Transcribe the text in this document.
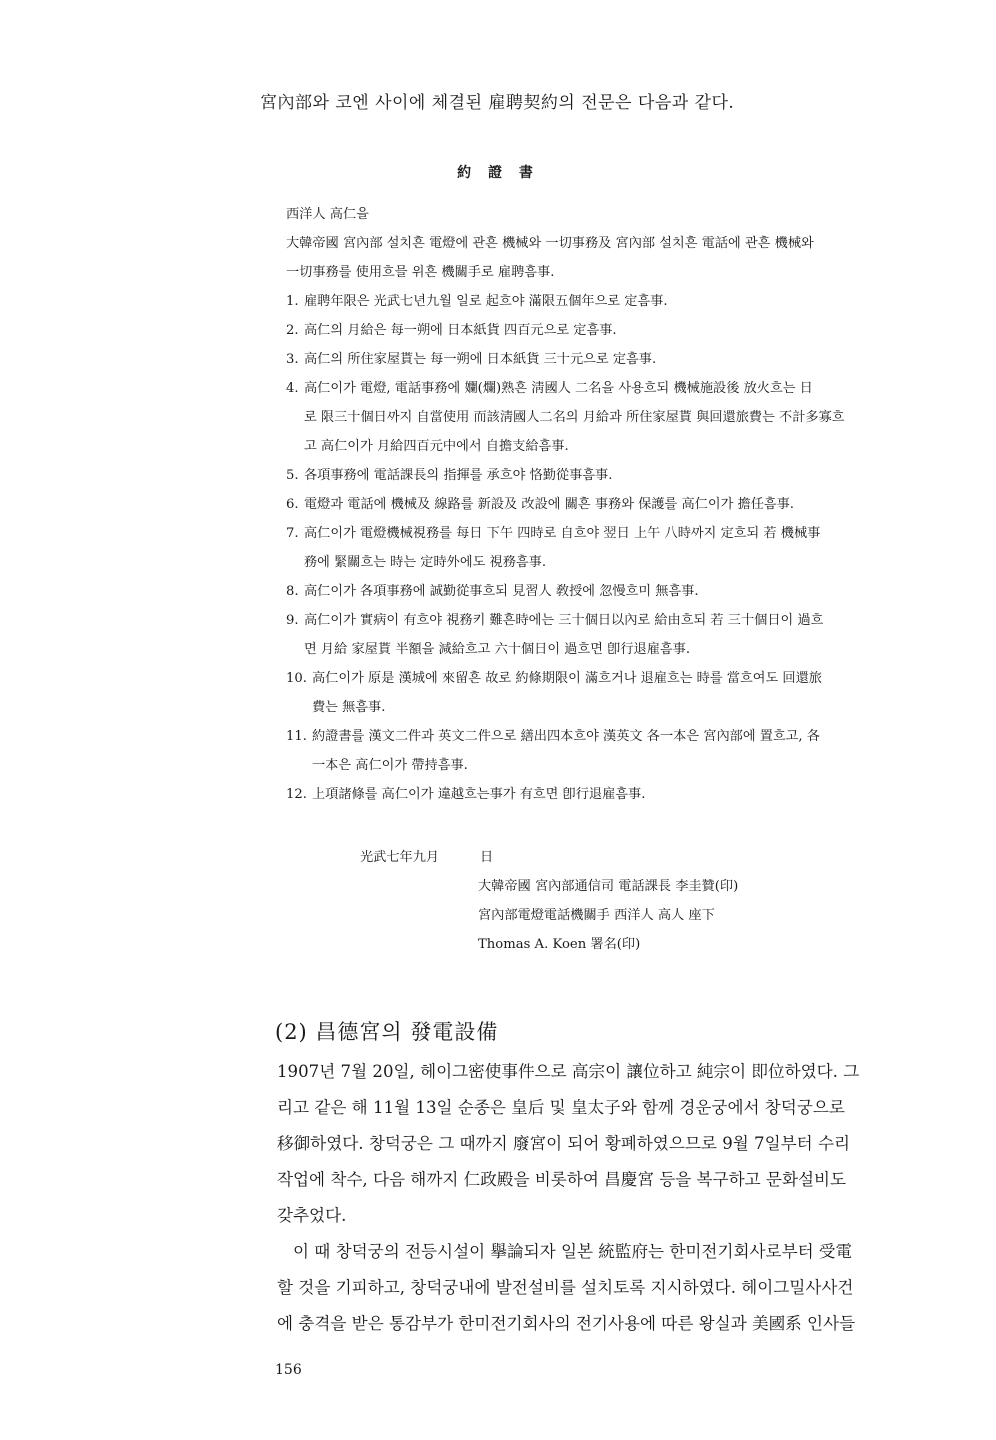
宮內部와 코엔 사이에 체결된 雇聘契約의 전문은 다음과 같다.
約 證 書

西洋人 高仁을

大韓帝國 宮內部 설치흔 電燈에 관흔 機械와 一切事務及 宮內部 설치흔 電話에 관흔 機械와

一切事務를 使用흐믈 위흔 機關手로 雇聘흠事.

1. 雇聘年限은 光武七년九월 일로 起흐야 滿限五個年으로 定흠事.
2. 高仁의 月給은 每一朔에 日本紙貨 四百元으로 定흠事.
3. 高仁의 所住家屋貰는 每一朔에 日本紙貨 三十元으로 定흠事.
4. 高仁이가 電燈, 電話事務에 孄(爛)熟흔 淸國人 二名을 사용흐되 機械施設後 放火흐는 日
로 限三十個日ᄭᅡ지 自當使用 而該淸國人二名의 月給과 所住家屋貰 與回還旅費는 不計多寡흐
고 高仁이가 月給四百元中에서 自擔支給흠事.
5. 各項事務에 電話課長의 指揮를 承흐야 恪勤從事흠事.
6. 電燈과 電話에 機械及 線路를 新設及 改設에 關흔 事務와 保護를 高仁이가 擔任흠事.
7. 高仁이가 電燈機械視務를 每日 下午 四時로 自흐야 翌日 上午 八時ᄭᅡ지 定흐되 若 機械事
務에 緊關흐는 時는 定時外에도 視務흠事.
8. 高仁이가 各項事務에 誠勤從事흐되 見習人 敎授에 忽慢흐미 無흠事.
9. 高仁이가 實病이 有흐야 視務키 難흔時에는 三十個日以內로 給由흐되 若 三十個日이 過흐
면 月給 家屋貰 半額을 減給흐고 六十個日이 過흐면 卽行退雇흠事.
10. 高仁이가 原是 漢城에 來留흔 故로 約條期限이 滿흐거나 退雇흐는 時를 當흐여도 回還旅
費는 無흠事.
11. 約證書를 漢文二件과 英文二件으로 繕出四本흐야 漢英文 各一本은 宮內部에 置흐고, 各
一本은 高仁이가 帶持흠事.
12. 上項諸條를 高仁이가 違越흐는事가 有흐면 卽行退雇흠事.
光武七年九月	日
大韓帝國 宮內部通信司 電話課長 李圭贊(印)
宮內部電燈電話機關手 西洋人 高人 座下
Thomas A. Koen 署名(印)
(2) 昌德宮의 發電設備
1907년 7월 20일, 헤이그密使事件으로 高宗이 讓位하고 純宗이 即位하였다. 그
리고 같은 해 11월 13일 순종은 皇后 및 皇太子와 함께 경운궁에서 창덕궁으로
移御하였다. 창덕궁은 그 때까지 廢宮이 되어 황폐하였으므로 9월 7일부터 수리
작업에 착수, 다음 해까지 仁政殿을 비롯하여 昌慶宮 등을 복구하고 문화설비도
갖추었다.
이 때 창덕궁의 전등시설이 擧論되자 일본 統監府는 한미전기회사로부터 受電
할 것을 기피하고, 창덕궁내에 발전설비를 설치토록 지시하였다. 헤이그밀사사건
에 충격을 받은 통감부가 한미전기회사의 전기사용에 따른 왕실과 美國系 인사들
156
